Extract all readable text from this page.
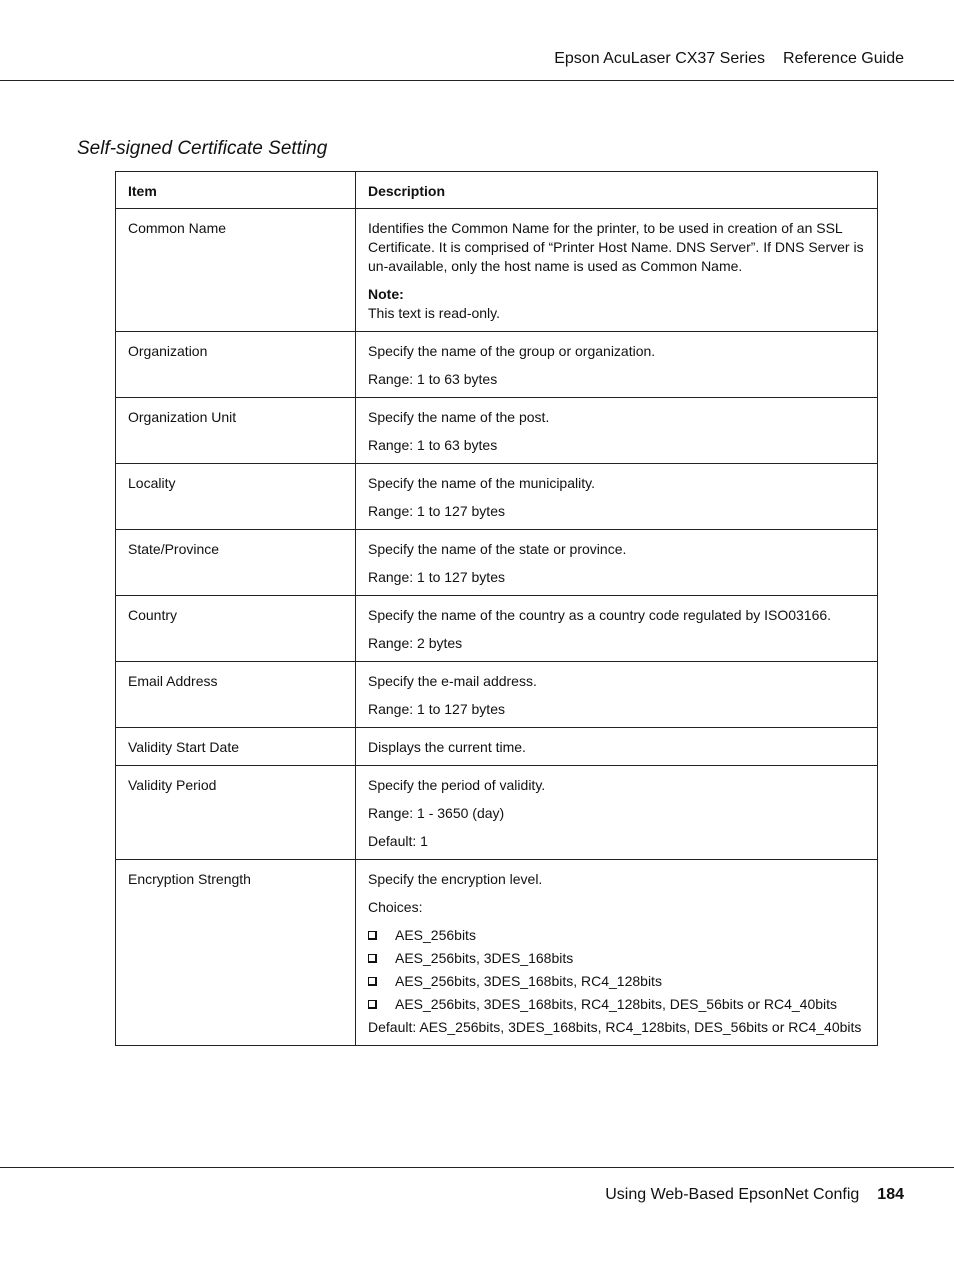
Epson AcuLaser CX37 Series Reference Guide
Self-signed Certificate Setting
Item	Description
Common Name	Identifies the Common Name for the printer, to be used in creation of an SSL Certificate. It is comprised of “Printer Host Name. DNS Server”. If DNS Server is un-available, only the host name is used as Common Name.

Note:
This text is read-only.

Organization	Specify the name of the group or organization.

Range: 1 to 63 bytes

Organization Unit	Specify the name of the post.

Range: 1 to 63 bytes

Locality	Specify the name of the municipality.

Range: 1 to 127 bytes

State/Province	Specify the name of the state or province.

Range: 1 to 127 bytes

Country	Specify the name of the country as a country code regulated by ISO03166.

Range: 2 bytes

Email Address	Specify the e-mail address.

Range: 1 to 127 bytes

Validity Start Date	Displays the current time.

Validity Period	Specify the period of validity.

Range: 1 - 3650 (day)

Default: 1

Encryption Strength	Specify the encryption level.

Choices:

AES_256bits
AES_256bits, 3DES_168bits
AES_256bits, 3DES_168bits, RC4_128bits
AES_256bits, 3DES_168bits, RC4_128bits, DES_56bits or RC4_40bits

Default: AES_256bits, 3DES_168bits, RC4_128bits, DES_56bits or RC4_40bits

Using Web-Based EpsonNet Config 184
